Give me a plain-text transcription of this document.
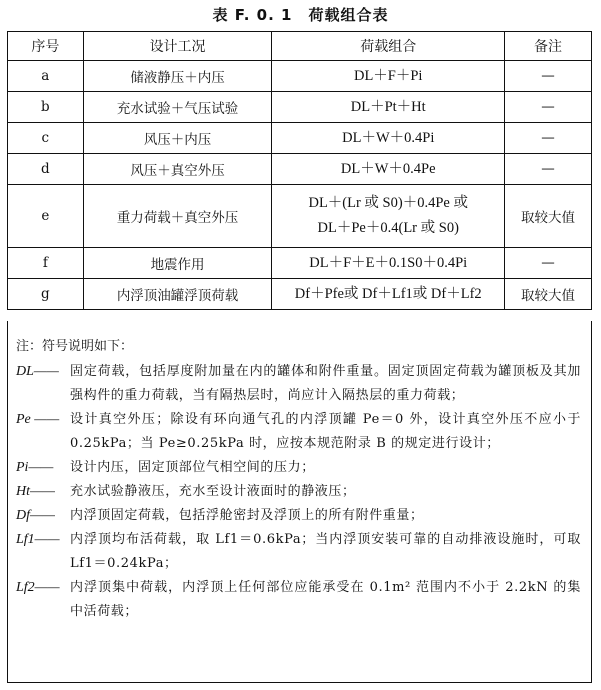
表 F. 0. 1　荷载组合表
序号	设计工况	荷载组合	备注
a	储液静压＋内压	DL＋F＋Pi	—
b	充水试验＋气压试验	DL＋Pt＋Ht	—
c	风压＋内压	DL＋W＋0.4Pi	—
d	风压＋真空外压	DL＋W＋0.4Pe	—
e	重力荷载＋真空外压	DL＋(Lr 或 S0)＋0.4Pe 或
DL＋Pe＋0.4(Lr 或 S0)	取较大值
f	地震作用	DL＋F＋E＋0.1S0＋0.4Pi	—
g	内浮顶油罐浮顶荷载	Df＋Pfe或 Df＋Lf1或 Df＋Lf2	取较大值
注：符号说明如下：
DL—— 固定荷载，包括厚度附加量在内的罐体和附件重量。固定顶固定荷载为罐顶板及其加强构件的重力荷载，当有隔热层时，尚应计入隔热层的重力荷载；
Pe —— 设计真空外压；除设有环向通气孔的内浮顶罐 Pe＝0 外，设计真空外压不应小于 0.25kPa；当 Pe≥0.25kPa 时，应按本规范附录 B 的规定进行设计；
Pi——	设计内压，固定顶部位气相空间的压力；
Ht——	充水试验静液压，充水至设计液面时的静液压；
Df——	内浮顶固定荷载，包括浮舱密封及浮顶上的所有附件重量；
Lf1—— 内浮顶均布活荷载，取 Lf1＝0.6kPa；当内浮顶安装可靠的自动排液设施时，可取 Lf1＝0.24kPa；
Lf2—— 内浮顶集中荷载，内浮顶上任何部位应能承受在 0.1m² 范围内不小于 2.2kN 的集中活荷载；
